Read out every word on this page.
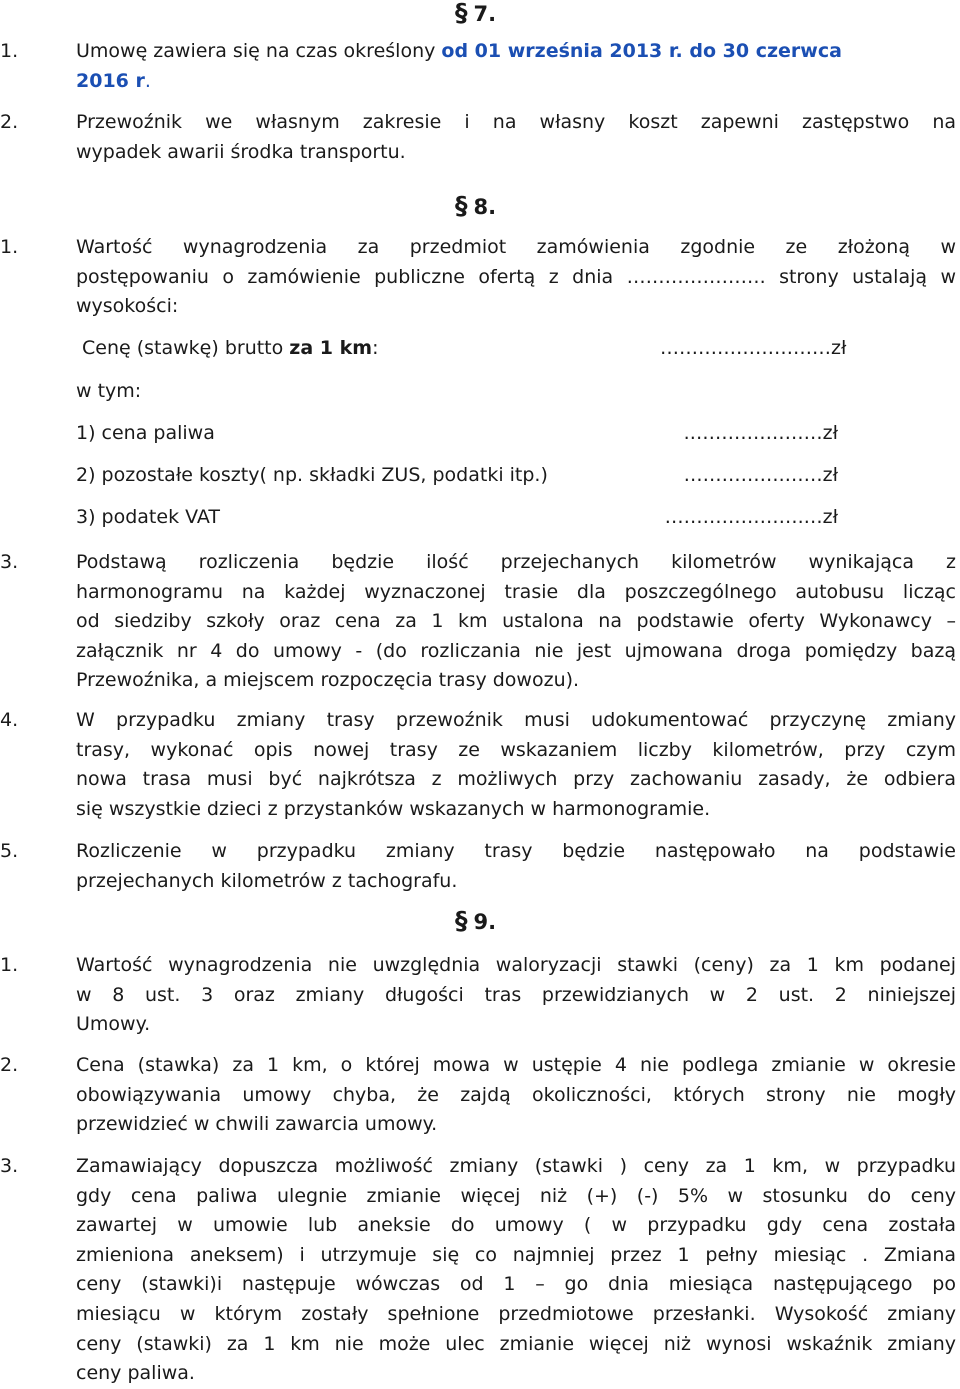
§ 7.
1.	Umowę zawiera się na czas określony od 01 września 2013 r. do 30 czerwca
2016 r.
2.	Przewoźnik we własnym zakresie i na własny koszt zapewni zastępstwo na
wypadek awarii środka transportu.
§ 8.
1.	Wartość wynagrodzenia za przedmiot zamówienia zgodnie ze złożoną w
postępowaniu o zamówienie publiczne ofertą z dnia …………………. strony ustalają w
wysokości:
Cenę (stawkę) brutto za 1 km:	………………………zł
w tym:
1) cena paliwa	.…………………zł
2) pozostałe koszty( np. składki ZUS, podatki itp.)	…………….……zł
3) podatek VAT	………………….…zł
3.	Podstawą rozliczenia będzie ilość przejechanych kilometrów wynikająca z
harmonogramu na każdej wyznaczonej trasie dla poszczególnego autobusu licząc
od siedziby szkoły oraz cena za 1 km ustalona na podstawie oferty Wykonawcy –
załącznik nr 4 do umowy - (do rozliczania nie jest ujmowana droga pomiędzy bazą
Przewoźnika, a miejscem rozpoczęcia trasy dowozu).
4.	W przypadku zmiany trasy przewoźnik musi udokumentować przyczynę zmiany
trasy, wykonać opis nowej trasy ze wskazaniem liczby kilometrów, przy czym
nowa trasa musi być najkrótsza z możliwych przy zachowaniu zasady, że odbiera
się wszystkie dzieci z przystanków wskazanych w harmonogramie.
5.	Rozliczenie w przypadku zmiany trasy będzie następowało na podstawie
przejechanych kilometrów z tachografu.
§ 9.
1.	Wartość wynagrodzenia nie uwzględnia waloryzacji stawki (ceny) za 1 km podanej
w 8 ust. 3 oraz zmiany długości tras przewidzianych w 2 ust. 2 niniejszej
Umowy.
2.	Cena (stawka) za 1 km, o której mowa w ustępie 4 nie podlega zmianie w okresie
obowiązywania umowy chyba, że zajdą okoliczności, których strony nie mogły
przewidzieć w chwili zawarcia umowy.
3.	Zamawiający dopuszcza możliwość zmiany (stawki ) ceny za 1 km, w przypadku
gdy cena paliwa ulegnie zmianie więcej niż (+) (-) 5% w stosunku do ceny
zawartej w umowie lub aneksie do umowy ( w przypadku gdy cena została
zmieniona aneksem) i utrzymuje się co najmniej przez 1 pełny miesiąc . Zmiana
ceny (stawki)i następuje wówczas od 1 – go dnia miesiąca następującego po
miesiącu w którym zostały spełnione przedmiotowe przesłanki. Wysokość zmiany
ceny (stawki) za 1 km nie może ulec zmianie więcej niż wynosi wskaźnik zmiany
ceny paliwa.
